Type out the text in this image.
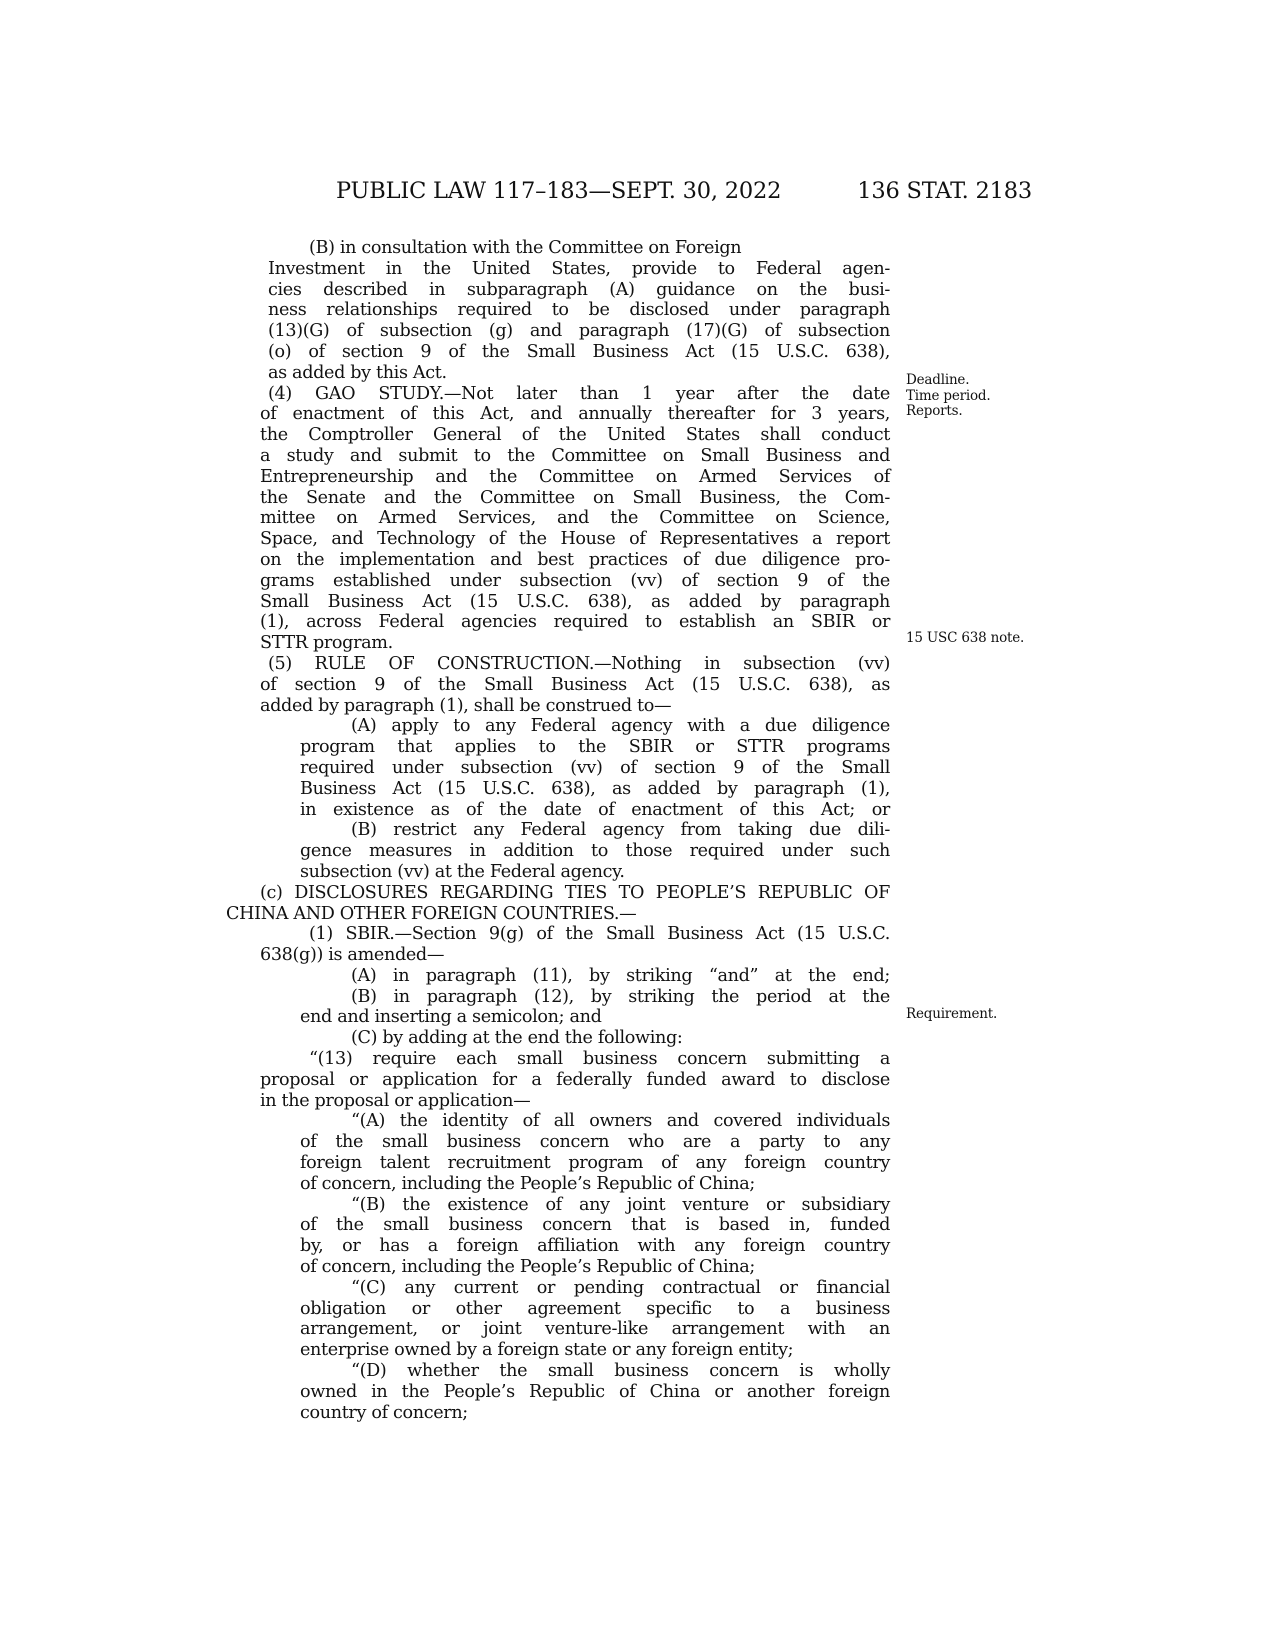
PUBLIC LAW 117–183—SEPT. 30, 2022	136 STAT. 2183
Deadline.
Time period.
Reports.
15 USC 638 note.
Requirement.
(B) in consultation with the Committee on Foreign
Investment in the United States, provide to Federal agen-
cies described in subparagraph (A) guidance on the busi-
ness relationships required to be disclosed under paragraph
(13)(G) of subsection (g) and paragraph (17)(G) of subsection
(o) of section 9 of the Small Business Act (15 U.S.C. 638),
as added by this Act.
(4) GAO STUDY.—Not later than 1 year after the date
of enactment of this Act, and annually thereafter for 3 years,
the Comptroller General of the United States shall conduct
a study and submit to the Committee on Small Business and
Entrepreneurship and the Committee on Armed Services of
the Senate and the Committee on Small Business, the Com-
mittee on Armed Services, and the Committee on Science,
Space, and Technology of the House of Representatives a report
on the implementation and best practices of due diligence pro-
grams established under subsection (vv) of section 9 of the
Small Business Act (15 U.S.C. 638), as added by paragraph
(1), across Federal agencies required to establish an SBIR or
STTR program.
(5) RULE OF CONSTRUCTION.—Nothing in subsection (vv)
of section 9 of the Small Business Act (15 U.S.C. 638), as
added by paragraph (1), shall be construed to—
(A) apply to any Federal agency with a due diligence
program that applies to the SBIR or STTR programs
required under subsection (vv) of section 9 of the Small
Business Act (15 U.S.C. 638), as added by paragraph (1),
in existence as of the date of enactment of this Act; or
(B) restrict any Federal agency from taking due dili-
gence measures in addition to those required under such
subsection (vv) at the Federal agency.
(c) DISCLOSURES REGARDING TIES TO PEOPLE’S REPUBLIC OF
CHINA AND OTHER FOREIGN COUNTRIES.—
(1) SBIR.—Section 9(g) of the Small Business Act (15 U.S.C.
638(g)) is amended—
(A) in paragraph (11), by striking “and” at the end;
(B) in paragraph (12), by striking the period at the
end and inserting a semicolon; and
(C) by adding at the end the following:
“(13) require each small business concern submitting a
proposal or application for a federally funded award to disclose
in the proposal or application—
“(A) the identity of all owners and covered individuals
of the small business concern who are a party to any
foreign talent recruitment program of any foreign country
of concern, including the People’s Republic of China;
“(B) the existence of any joint venture or subsidiary
of the small business concern that is based in, funded
by, or has a foreign affiliation with any foreign country
of concern, including the People’s Republic of China;
“(C) any current or pending contractual or financial
obligation or other agreement specific to a business
arrangement, or joint venture-like arrangement with an
enterprise owned by a foreign state or any foreign entity;
“(D) whether the small business concern is wholly
owned in the People’s Republic of China or another foreign
country of concern;
